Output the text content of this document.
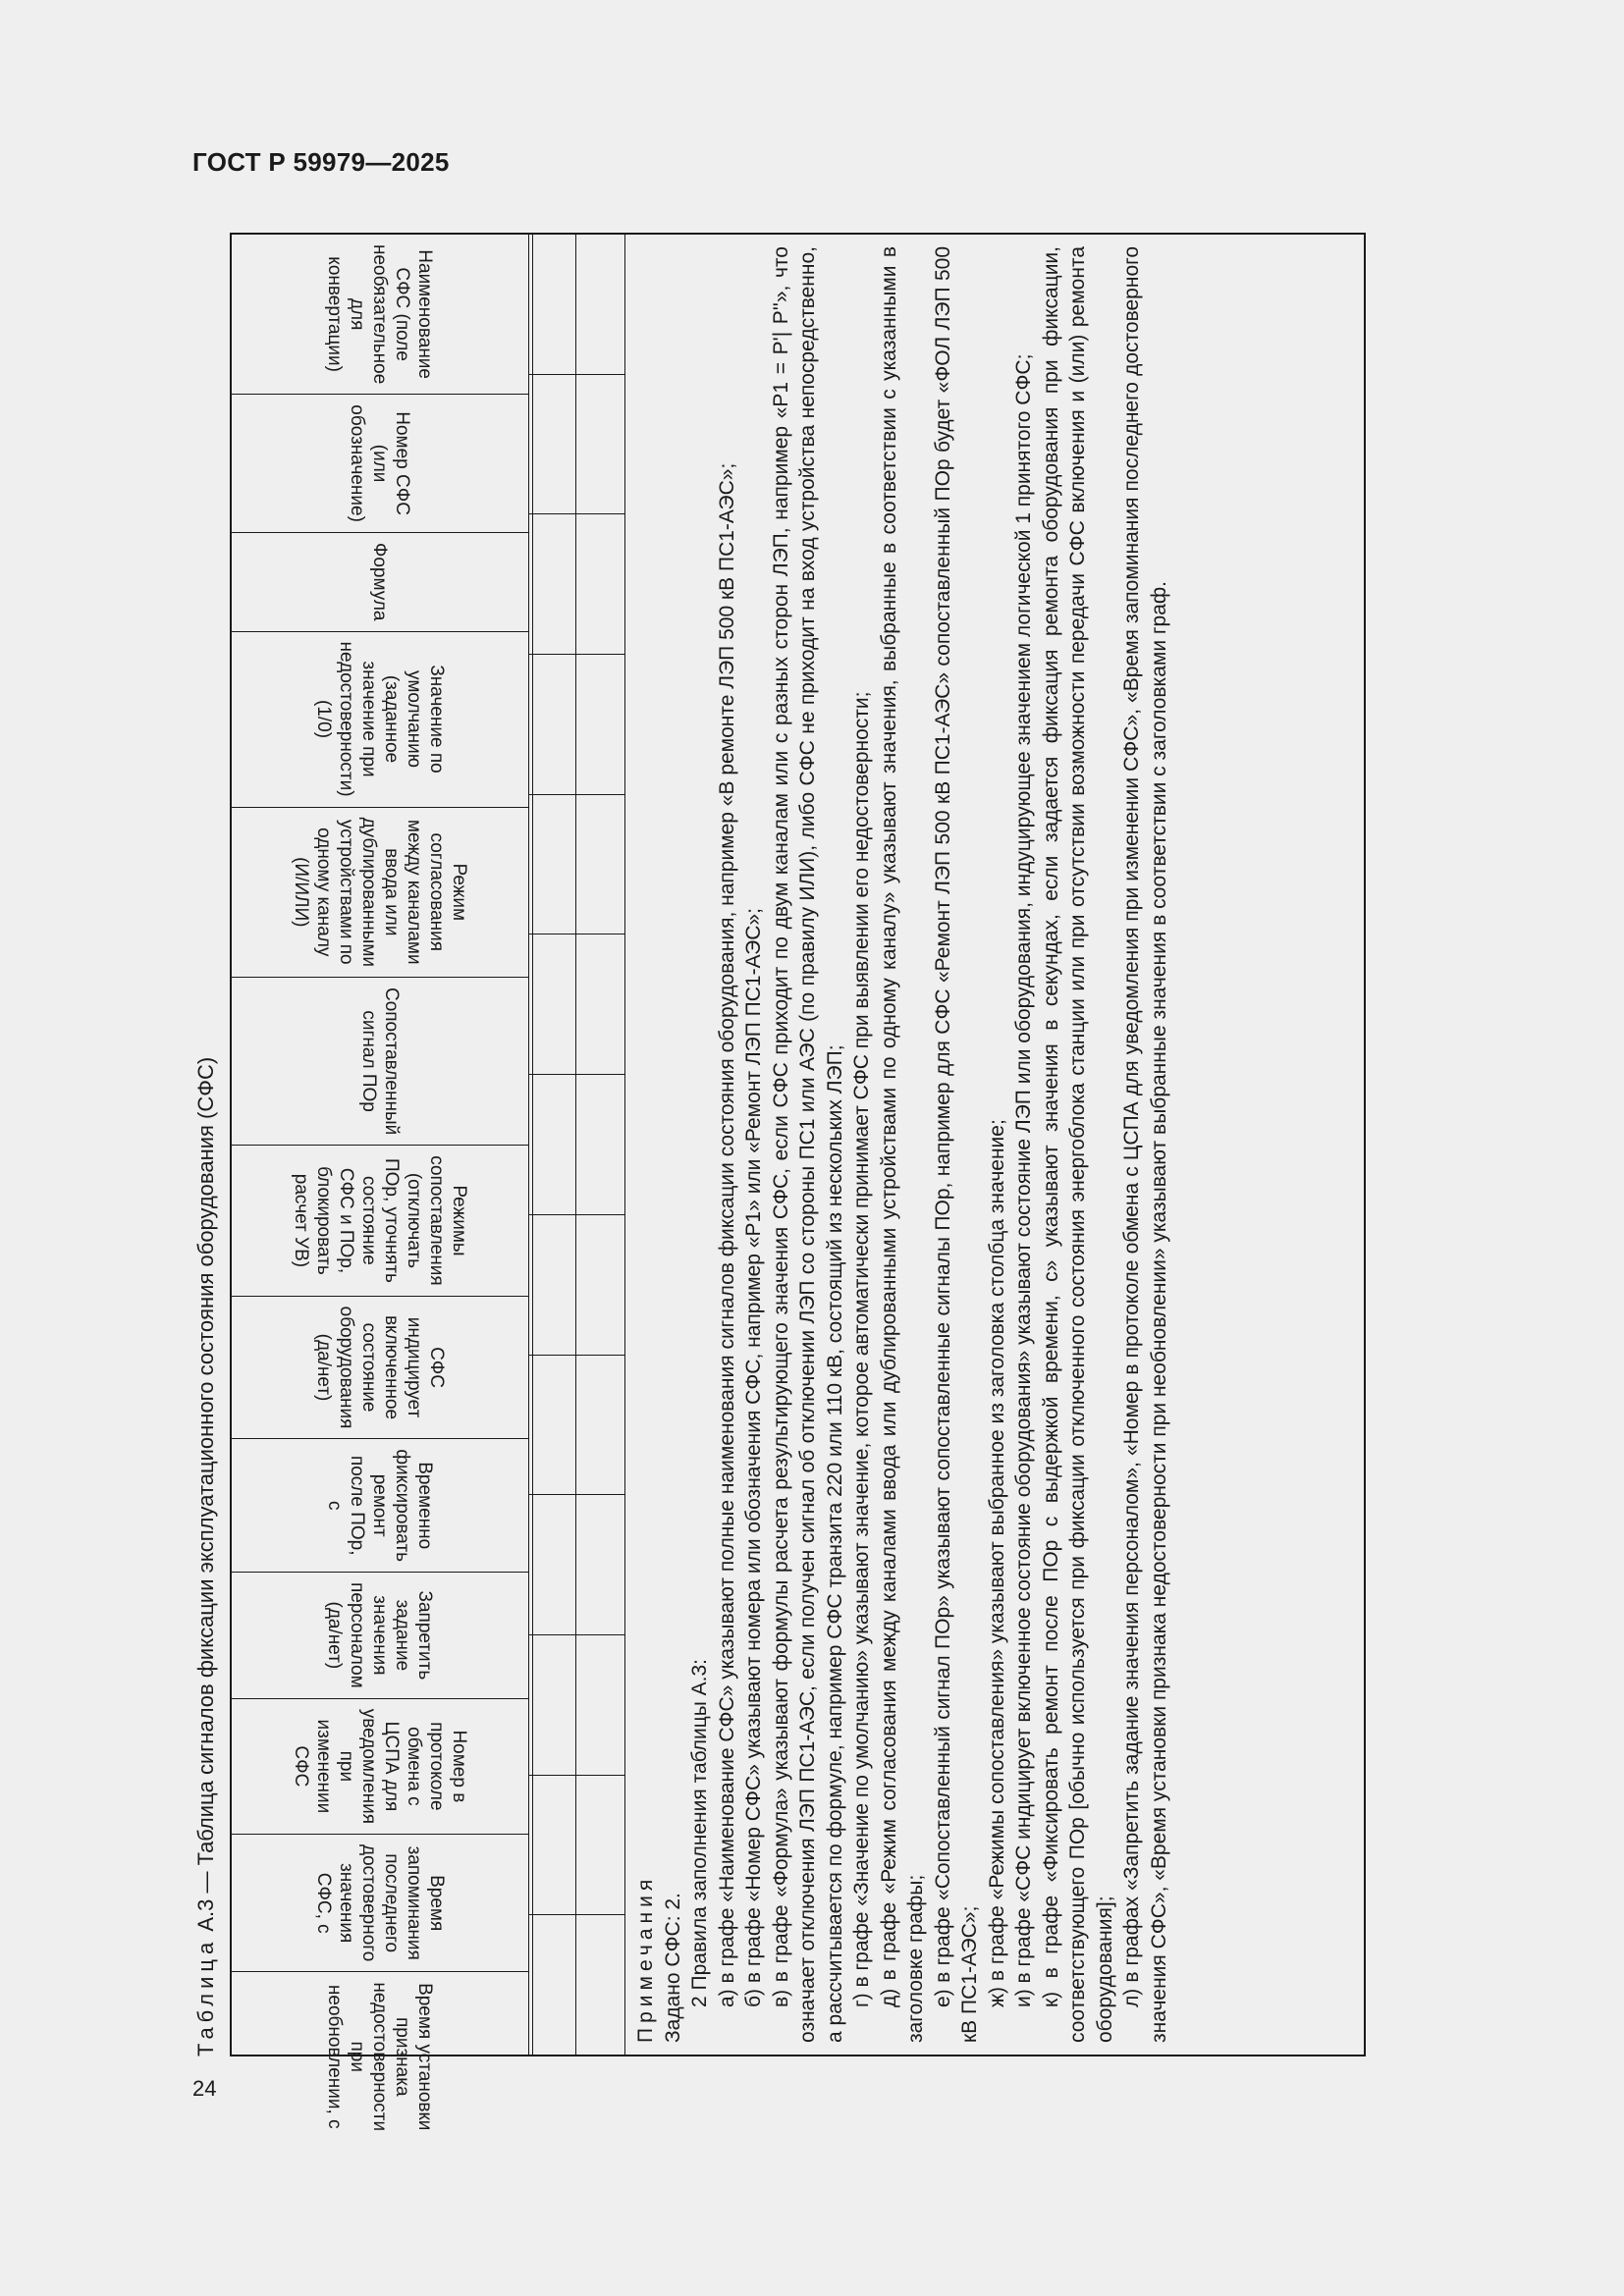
ГОСТ Р 59979—2025
24
Таблица А.3 — Таблица сигналов фиксации эксплуатационного состояния оборудования (СФС)
Наименование СФС (поле необязательное для конвертации)
Номер СФС (или обозначение)
Формула
Значение по умолчанию (заданное значение при недостоверности) (1/0)
Режим согласования между каналами ввода или дублированными устройствами по одному каналу (И/ИЛИ)
Сопоставленный сигнал ПОр
Режимы сопоставления (отключать ПОр, уточнять состояние СФС и ПОр, блокировать расчет УВ)
СФС индицирует включенное состояние оборудования (да/нет)
Временно фиксировать ремонт после ПОр, с
Запретить задание значения персоналом (да/нет)
Номер в протоколе обмена с ЦСПА для уведомления при изменении СФС
Время запоминания последнего достоверного значения СФС, с
Время установки признака недостоверности при необновлении, с

Примечания Задано СФС: 2. 2 Правила заполнения таблицы А.3: а) в графе «Наименование СФС» указывают полные наименования сигналов фиксации состояния оборудования, например «В ремонте ЛЭП 500 кВ ПС1-АЭС»; б) в графе «Номер СФС» указывают номера или обозначения СФС, например «Р1» или «Ремонт ЛЭП ПС1-АЭС»; в) в графе «Формула» указывают формулы расчета результирующего значения СФС, если СФС приходит по двум каналам или с разных сторон ЛЭП, например «Р1 = Р'| Р''», что означает отключения ЛЭП ПС1-АЭС, если получен сигнал об отключении ЛЭП со стороны ПС1 или АЭС (по правилу ИЛИ), либо СФС не приходит на вход устройства непосредственно, а рассчитывается по формуле, например СФС транзита 220 или 110 кВ, состоящий из нескольких ЛЭП; г) в графе «Значение по умолчанию» указывают значение, которое автоматически принимает СФС при выявлении его недостоверности; д) в графе «Режим согласования между каналами ввода или дублированными устройствами по одному каналу» указывают значения, выбранные в соответствии с указанными в заголовке графы; е) в графе «Сопоставленный сигнал ПОр» указывают сопоставленные сигналы ПОр, например для СФС «Ремонт ЛЭП 500 кВ ПС1-АЭС» сопоставленный ПОр будет «ФОЛ ЛЭП 500 кВ ПС1-АЭС»; ж) в графе «Режимы сопоставления» указывают выбранное из заголовка столбца значение; и) в графе «СФС индицирует включенное состояние оборудования» указывают состояние ЛЭП или оборудования, индуцирующее значением логической 1 принятого СФС; к) в графе «Фиксировать ремонт после ПОр с выдержкой времени, с» указывают значения в секундах, если задается фиксация ремонта оборудования при фиксации, соответствующего ПОр [обычно используется при фиксации отключенного состояния энергоблока станции или при отсутствии возможности передачи СФС включения и (или) ремонта оборудования]; л) в графах «Запретить задание значения персоналом», «Номер в протоколе обмена с ЦСПА для уведомления при изменении СФС», «Время запоминания последнего достоверного значения СФС», «Время установки признака недостоверности при необновлении» указывают выбранные значения в соответствии с заголовками граф.
